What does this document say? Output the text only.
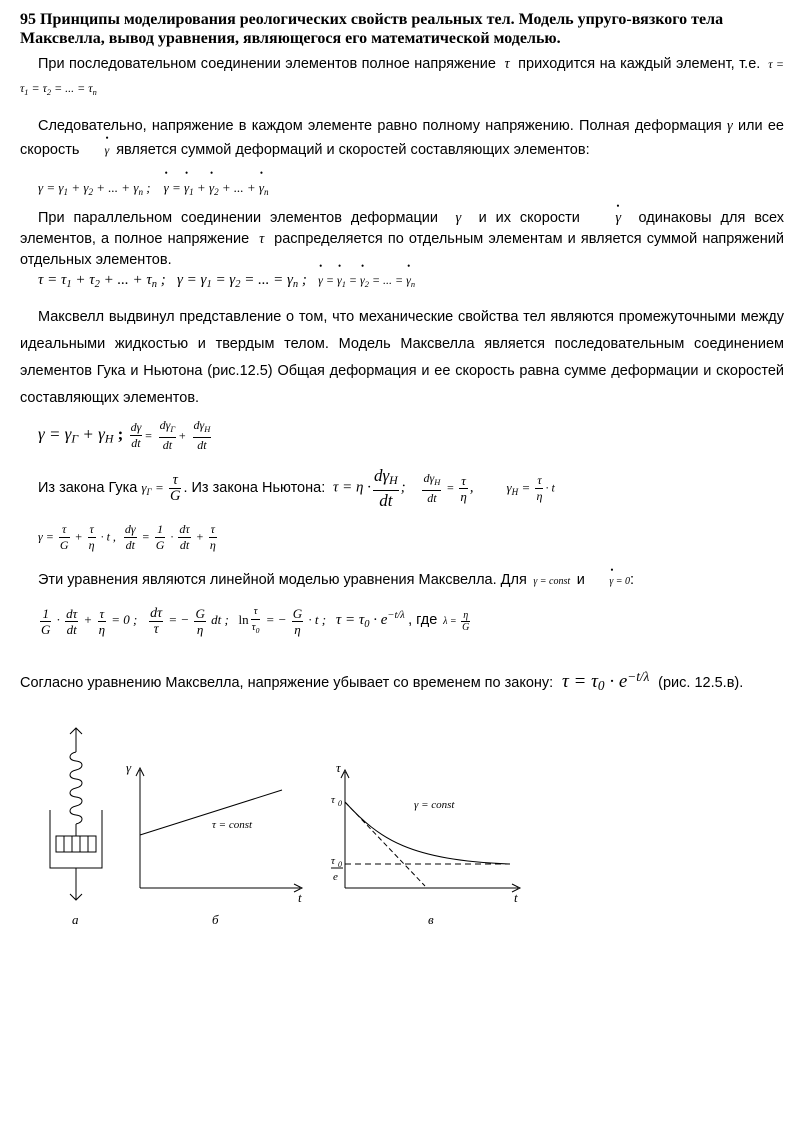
95 Принципы моделирования реологических свойств реальных тел. Модель упруго-вязкого тела Максвелла, вывод уравнения, являющегося его математической моделью.
При последовательном соединении элементов полное напряжение  τ  приходится на каждый элемент, т.е.  $\tau = \tau_1 = \tau_2$ = ... = $\tau_n$
Следовательно, напряжение в каждом элементе равно полному напряжению. Полная деформация γ или ее скорость • γ является суммой деформаций и скоростей составляющих элементов:
$\gamma = \gamma_1 + \gamma_2$ + ... + $\gamma_n$ ;    • γ = • $\gamma_1$ + • $\gamma_2$ + ... + • $\gamma_n$
При параллельном соединении элементов деформации  γ  и их скорости • γ одинаковы для всех элементов, а полное напряжение  τ  распределяется по отдельным элементам и является суммой напряжений отдельных элементов.
$\tau = \tau_1 + \tau_2$ + ... + $\tau_n$ ;   $\gamma = \gamma_1 = \gamma_2$ = ... = $\gamma_n$ ;   • γ = • $\gamma_1$ = • $\gamma_2$ = ... = • $\gamma_n$
Максвелл выдвинул представление о том, что механические свойства тел являются промежуточными между идеальными жидкостью и твердым телом. Модель Максвелла является последовательным соединением элементов Гука и Ньютона (рис.12.5) Общая деформация и ее скорость равна сумме деформации и скоростей составляющих элементов.
$\gamma = \gamma_\Gamma + \gamma_H$ ; $\frac{d\gamma}{dt}$ =
$d\gamma_\Gamma$
dt
+
$d\gamma_H$
dt
Из закона Гука $\gamma_\Gamma = \frac{\tau}{G}$ . Из закона Ньютона:  τ = η ·
$d\gamma_H$
dt
;
$d\gamma_H$
dt
= $\frac{\tau}{\eta}$ ,         $\gamma_H = \frac{\tau}{\eta} \cdot t$
$\gamma = \frac{\tau}{G} + \frac{\tau}{\eta} \cdot t$ , $\frac{d\gamma}{dt} = \frac{1}{G} \cdot \frac{d\tau}{dt} + \frac{\tau}{\eta}$
Эти уравнения являются линейной моделью уравнения Максвелла. Для  γ = const  и • γ = 0:
$\frac{1}{G} \cdot \frac{d\tau}{dt} + \frac{\tau}{\eta} = 0$ ; $\frac{d\tau}{\tau}$ = − $\frac{G}{\eta}$ dt ;   $\ln \frac{\tau}{\tau_0}$ = − $\frac{G}{\eta} \cdot t$ ;   $\tau = \tau_0 \cdot e^{-t/\lambda}$ , где  $\lambda = \frac{\eta}{G}$
Согласно уравнению Максвелла, напряжение убывает со временем по закону:  $\tau = \tau_0 \cdot e^{-t/\lambda}$ (рис. 12.5.в).
γ
t
τ = const
τ
t
γ = const
τ 0
τ 0
e
а	б	в
